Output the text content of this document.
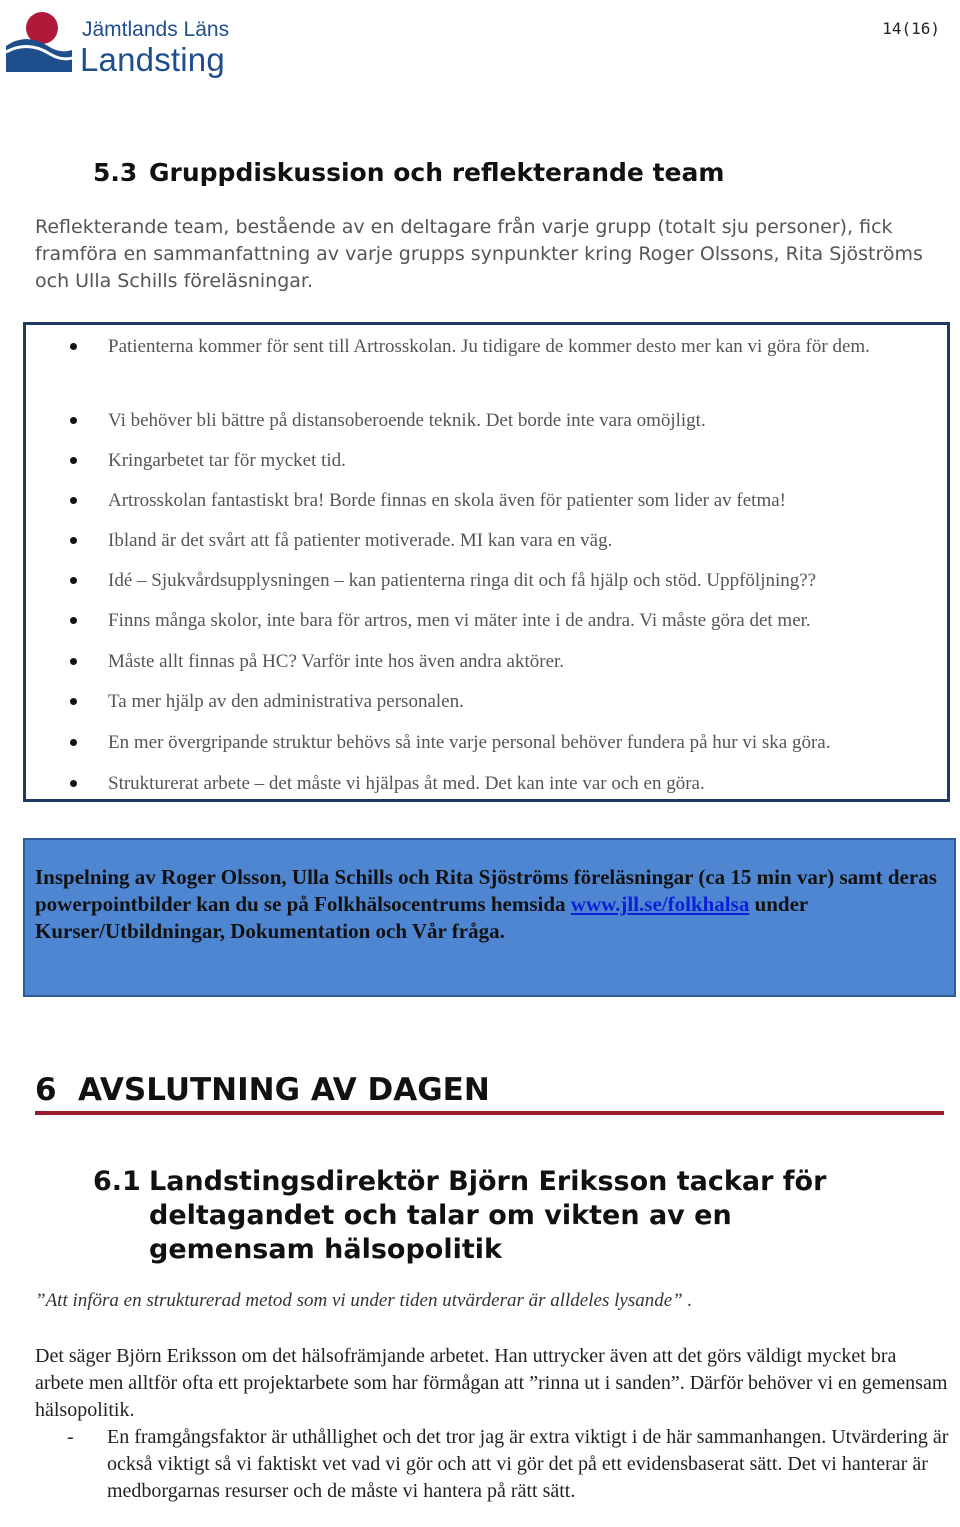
Jämtlands Läns
Landsting
14(16)
5.3 Gruppdiskussion och reflekterande team
Reflekterande team, bestående av en deltagare från varje grupp (totalt sju personer), fick framföra en sammanfattning av varje grupps synpunkter kring Roger Olssons, Rita Sjöströms och Ulla Schills föreläsningar.
Patienterna kommer för sent till Artrosskolan. Ju tidigare de kommer desto mer kan vi göra för dem.
Vi behöver bli bättre på distansoberoende teknik. Det borde inte vara omöjligt.
Kringarbetet tar för mycket tid.
Artrosskolan fantastiskt bra! Borde finnas en skola även för patienter som lider av fetma!
Ibland är det svårt att få patienter motiverade. MI kan vara en väg.
Idé – Sjukvårdsupplysningen – kan patienterna ringa dit och få hjälp och stöd. Uppföljning??
Finns många skolor, inte bara för artros, men vi mäter inte i de andra. Vi måste göra det mer.
Måste allt finnas på HC? Varför inte hos även andra aktörer.
Ta mer hjälp av den administrativa personalen.
En mer övergripande struktur behövs så inte varje personal behöver fundera på hur vi ska göra.
Strukturerat arbete – det måste vi hjälpas åt med. Det kan inte var och en göra.
Inspelning av Roger Olsson, Ulla Schills och Rita Sjöströms föreläsningar (ca 15 min var) samt deras powerpointbilder kan du se på Folkhälsocentrums hemsida www.jll.se/folkhalsa under Kurser/Utbildningar, Dokumentation och Vår fråga.
6 AVSLUTNING AV DAGEN
6.1 Landstingsdirektör Björn Eriksson tackar för deltagandet och talar om vikten av en gemensam hälsopolitik
”Att införa en strukturerad metod som vi under tiden utvärderar är alldeles lysande” .
Det säger Björn Eriksson om det hälsofrämjande arbetet. Han uttrycker även att det görs väldigt mycket bra arbete men alltför ofta ett projektarbete som har förmågan att ”rinna ut i sanden”. Därför behöver vi en gemensam hälsopolitik.
- En framgångsfaktor är uthållighet och det tror jag är extra viktigt i de här sammanhangen. Utvärdering är också viktigt så vi faktiskt vet vad vi gör och att vi gör det på ett evidensbaserat sätt. Det vi hanterar är medborgarnas resurser och de måste vi hantera på rätt sätt.
